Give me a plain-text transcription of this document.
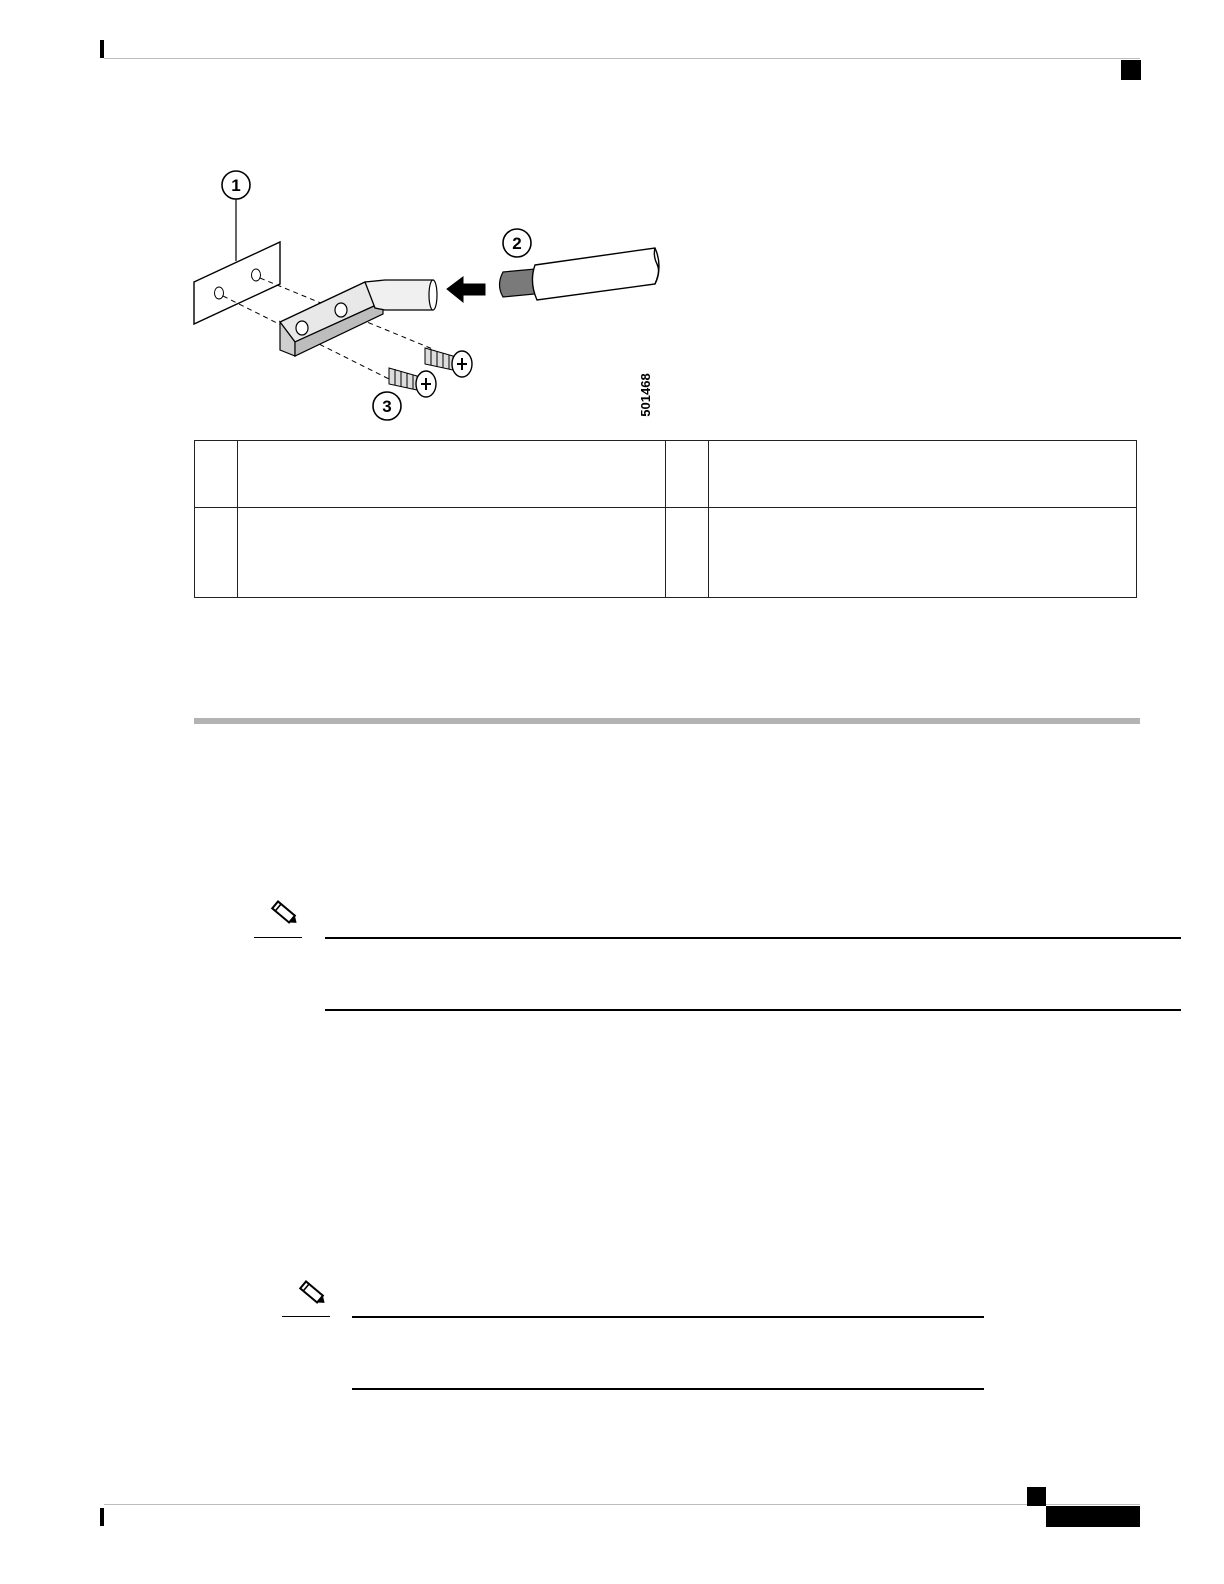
1
2
3	501468
